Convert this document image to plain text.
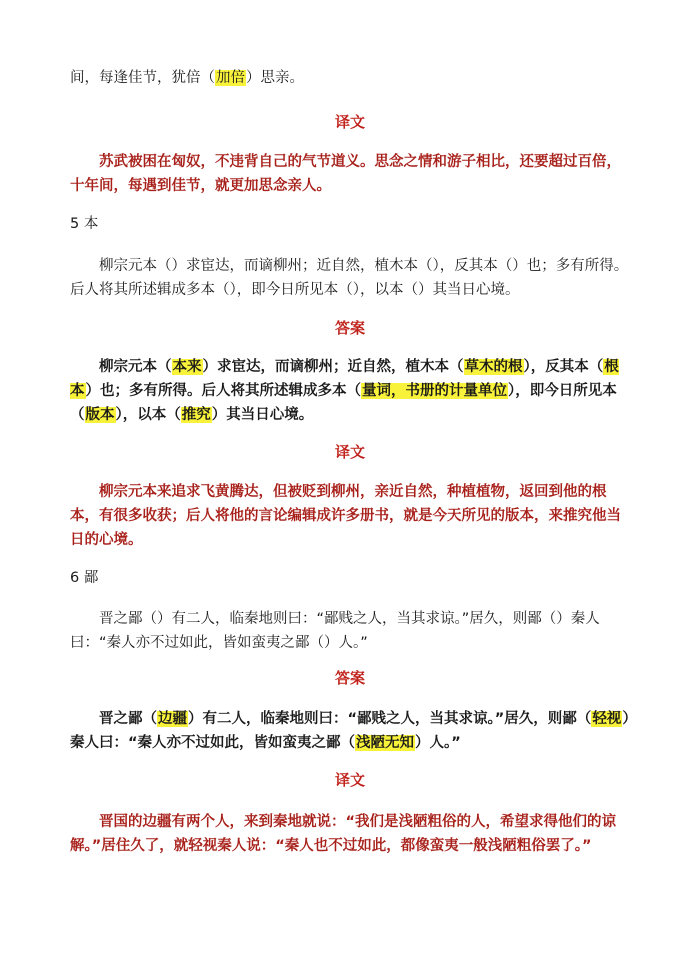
间，每逢佳节，犹倍（加倍）思亲。

译文

苏武被困在匈奴，不违背自己的气节道义。思念之情和游子相比，还要超过百倍，十年间，每遇到佳节，就更加思念亲人。

5 本

柳宗元本（）求宦达，而谪柳州；近自然，植木本（），反其本（）也；多有所得。后人将其所述辑成多本（），即今日所见本（），以本（）其当日心境。

答案

柳宗元本（本来）求宦达，而谪柳州；近自然，植木本（草木的根），反其本（根本）也；多有所得。后人将其所述辑成多本（量词，书册的计量单位），即今日所见本（版本），以本（推究）其当日心境。

译文

柳宗元本来追求飞黄腾达，但被贬到柳州，亲近自然，种植植物，返回到他的根本，有很多收获；后人将他的言论编辑成许多册书，就是今天所见的版本，来推究他当日的心境。

6 鄙

晋之鄙（）有二人，临秦地则曰：“鄙贱之人，当其求谅。”居久，则鄙（）秦人曰：“秦人亦不过如此，皆如蛮夷之鄙（）人。”

答案

晋之鄙（边疆）有二人，临秦地则曰：“鄙贱之人，当其求谅。”居久，则鄙（轻视）秦人曰：“秦人亦不过如此，皆如蛮夷之鄙（浅陋无知）人。”

译文

晋国的边疆有两个人，来到秦地就说：“我们是浅陋粗俗的人，希望求得他们的谅解。”居住久了，就轻视秦人说：“秦人也不过如此，都像蛮夷一般浅陋粗俗罢了。”
